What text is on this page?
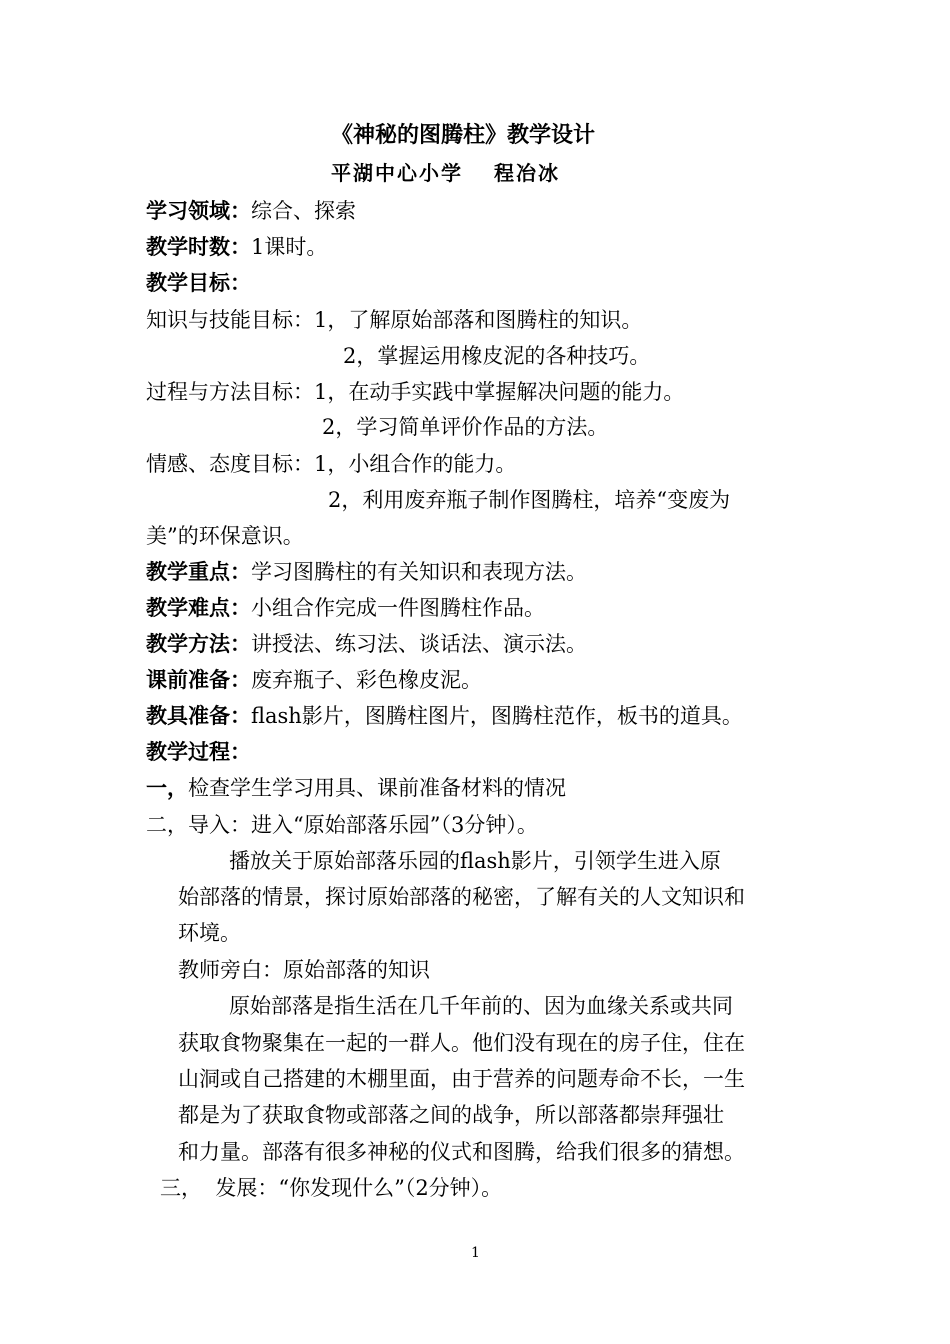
《神秘的图腾柱》教学设计
平湖中心小学　 程冶冰
学习领域：综合、探索
教学时数：1课时。
教学目标：
知识与技能目标：1，了解原始部落和图腾柱的知识。
2，掌握运用橡皮泥的各种技巧。
过程与方法目标：1，在动手实践中掌握解决问题的能力。
2，学习简单评价作品的方法。
情感、态度目标：1，小组合作的能力。
2，利用废弃瓶子制作图腾柱，培养“变废为
美”的环保意识。
教学重点：学习图腾柱的有关知识和表现方法。
教学难点：小组合作完成一件图腾柱作品。
教学方法：讲授法、练习法、谈话法、演示法。
课前准备：废弃瓶子、彩色橡皮泥。
教具准备：flash影片，图腾柱图片，图腾柱范作，板书的道具。
教学过程：
一，检查学生学习用具、课前准备材料的情况
二，导入：进入“原始部落乐园”（3分钟）。
播放关于原始部落乐园的flash影片，引领学生进入原
始部落的情景，探讨原始部落的秘密，了解有关的人文知识和
环境。
教师旁白：原始部落的知识
原始部落是指生活在几千年前的、因为血缘关系或共同
获取食物聚集在一起的一群人。他们没有现在的房子住，住在
山洞或自己搭建的木棚里面，由于营养的问题寿命不长，一生
都是为了获取食物或部落之间的战争，所以部落都崇拜强壮
和力量。部落有很多神秘的仪式和图腾，给我们很多的猜想。
三，  发展：“你发现什么”（2分钟）。
1
